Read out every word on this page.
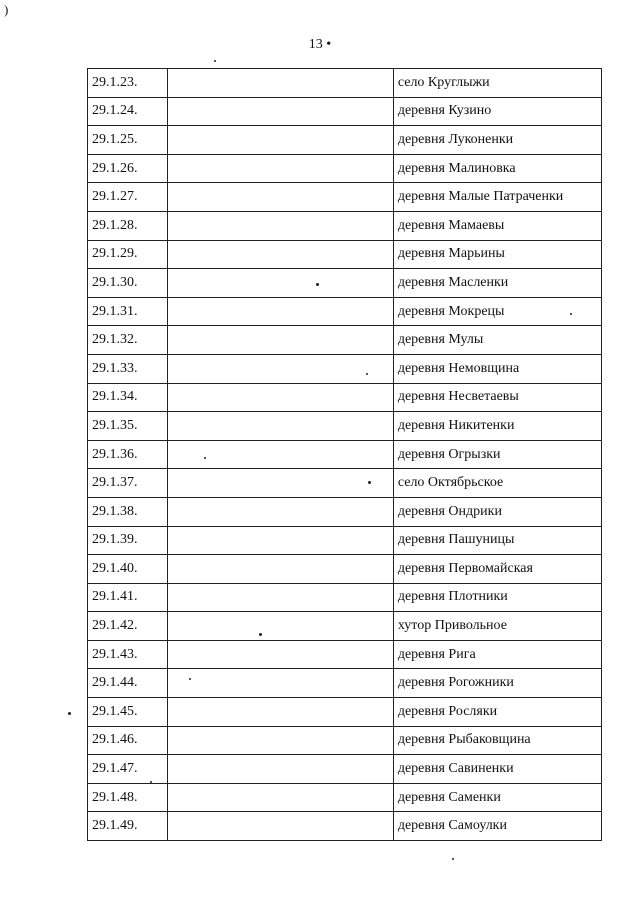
)
13 •
29.1.23.		село Круглыжи
29.1.24.		деревня Кузино
29.1.25.		деревня Луконенки
29.1.26.		деревня Малиновка
29.1.27.		деревня Малые Патраченки
29.1.28.		деревня Мамаевы
29.1.29.		деревня Марьины
29.1.30.		деревня Масленки
29.1.31.		деревня Мокрецы
29.1.32.		деревня Мулы
29.1.33.		деревня Немовщина
29.1.34.		деревня Несветаевы
29.1.35.		деревня Никитенки
29.1.36.		деревня Огрызки
29.1.37.		село Октябрьское
29.1.38.		деревня Ондрики
29.1.39.		деревня Пашуницы
29.1.40.		деревня Первомайская
29.1.41.		деревня Плотники
29.1.42.		хутор Привольное
29.1.43.		деревня Рига
29.1.44.		деревня Рогожники
29.1.45.		деревня Росляки
29.1.46.		деревня Рыбаковщина
29.1.47.		деревня Савиненки
29.1.48.		деревня Саменки
29.1.49.		деревня Самоулки
